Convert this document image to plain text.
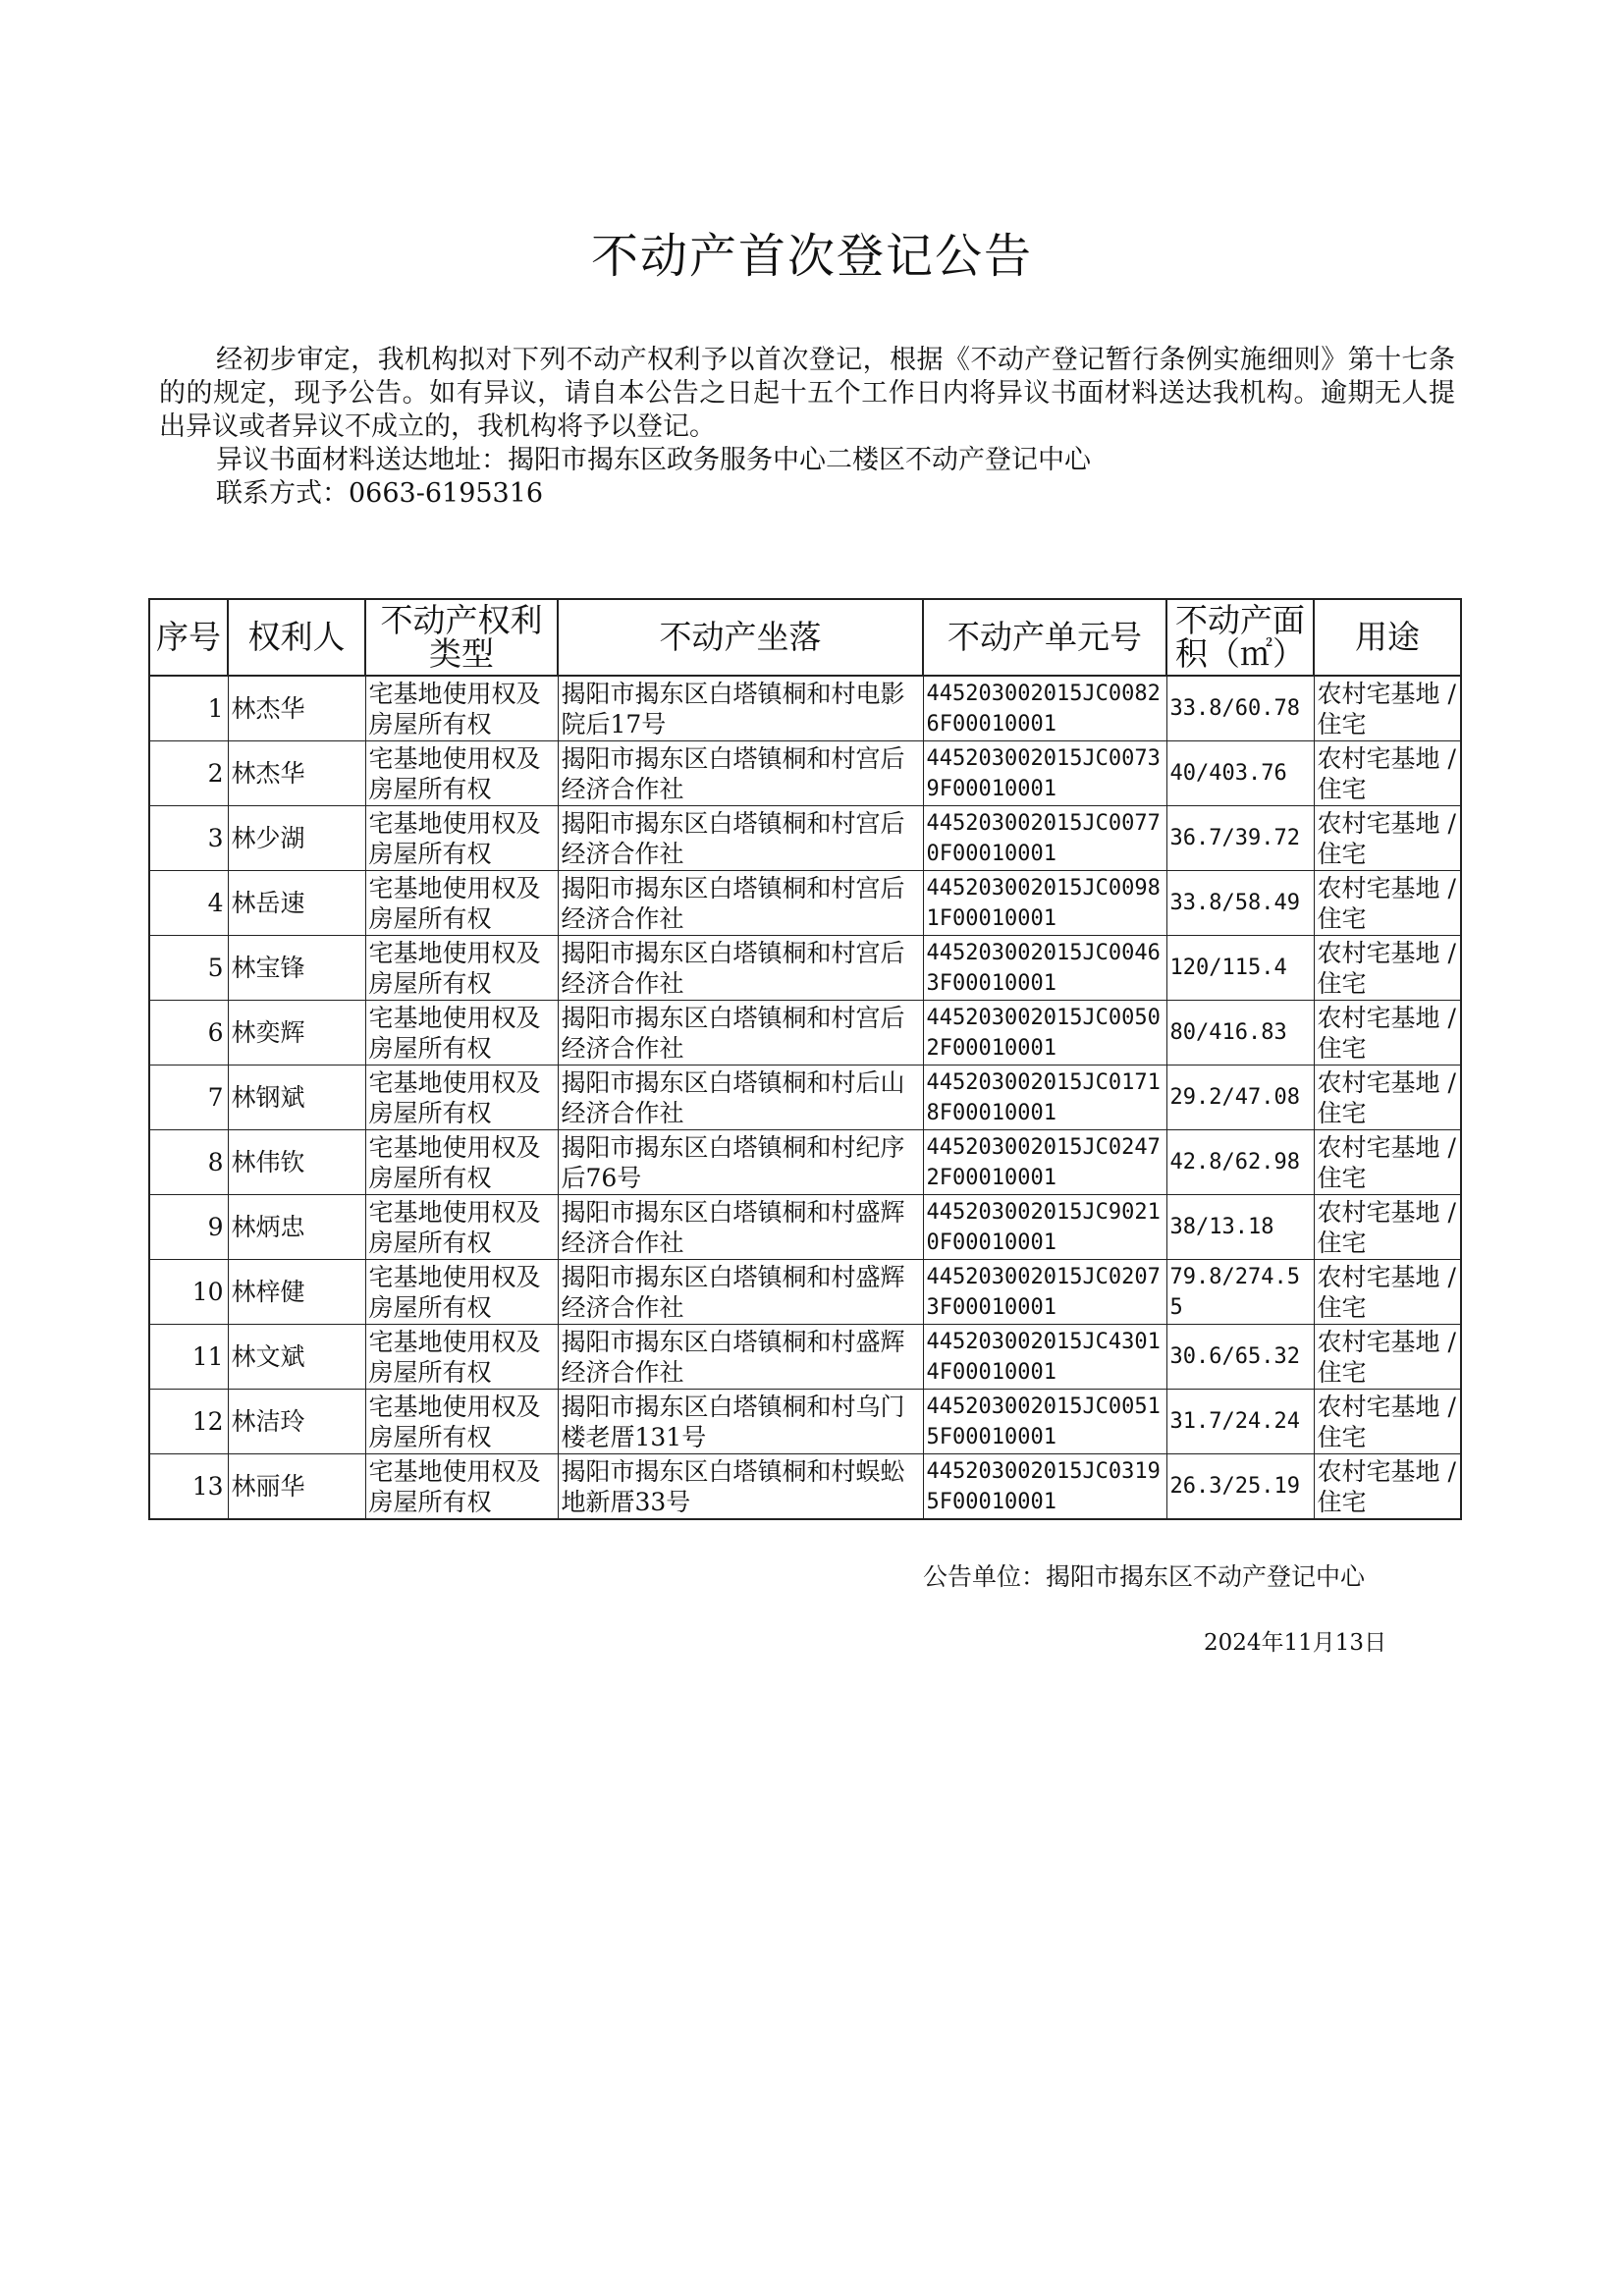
不动产首次登记公告

经初步审定，我机构拟对下列不动产权利予以首次登记，根据《不动产登记暂行条例实施细则》第十七条的的规定，现予公告。如有异议，请自本公告之日起十五个工作日内将异议书面材料送达我机构。逾期无人提出异议或者异议不成立的，我机构将予以登记。

异议书面材料送达地址：揭阳市揭东区政务服务中心二楼区不动产登记中心

联系方式：0663-6195316

序号	权利人	不动产权利类型	不动产坐落	不动产单元号	不动产面积（㎡）	用途
1	林杰华	宅基地使用权及房屋所有权	揭阳市揭东区白塔镇桐和村电影院后17号	445203002015JC00826F00010001	33.8/60.78	农村宅基地 / 住宅
2	林杰华	宅基地使用权及房屋所有权	揭阳市揭东区白塔镇桐和村宫后经济合作社	445203002015JC00739F00010001	40/403.76	农村宅基地 / 住宅
3	林少湖	宅基地使用权及房屋所有权	揭阳市揭东区白塔镇桐和村宫后经济合作社	445203002015JC00770F00010001	36.7/39.72	农村宅基地 / 住宅
4	林岳速	宅基地使用权及房屋所有权	揭阳市揭东区白塔镇桐和村宫后经济合作社	445203002015JC00981F00010001	33.8/58.49	农村宅基地 / 住宅
5	林宝锋	宅基地使用权及房屋所有权	揭阳市揭东区白塔镇桐和村宫后经济合作社	445203002015JC00463F00010001	120/115.4	农村宅基地 / 住宅
6	林奕辉	宅基地使用权及房屋所有权	揭阳市揭东区白塔镇桐和村宫后经济合作社	445203002015JC00502F00010001	80/416.83	农村宅基地 / 住宅
7	林钢斌	宅基地使用权及房屋所有权	揭阳市揭东区白塔镇桐和村后山经济合作社	445203002015JC01718F00010001	29.2/47.08	农村宅基地 / 住宅
8	林伟钦	宅基地使用权及房屋所有权	揭阳市揭东区白塔镇桐和村纪序后76号	445203002015JC02472F00010001	42.8/62.98	农村宅基地 / 住宅
9	林炳忠	宅基地使用权及房屋所有权	揭阳市揭东区白塔镇桐和村盛辉经济合作社	445203002015JC90210F00010001	38/13.18	农村宅基地 / 住宅
10	林梓健	宅基地使用权及房屋所有权	揭阳市揭东区白塔镇桐和村盛辉经济合作社	445203002015JC02073F00010001	79.8/274.55	农村宅基地 / 住宅
11	林文斌	宅基地使用权及房屋所有权	揭阳市揭东区白塔镇桐和村盛辉经济合作社	445203002015JC43014F00010001	30.6/65.32	农村宅基地 / 住宅
12	林洁玲	宅基地使用权及房屋所有权	揭阳市揭东区白塔镇桐和村乌门楼老厝131号	445203002015JC00515F00010001	31.7/24.24	农村宅基地 / 住宅
13	林丽华	宅基地使用权及房屋所有权	揭阳市揭东区白塔镇桐和村蜈蚣地新厝33号	445203002015JC03195F00010001	26.3/25.19	农村宅基地 / 住宅
公告单位：揭阳市揭东区不动产登记中心
2024年11月13日
